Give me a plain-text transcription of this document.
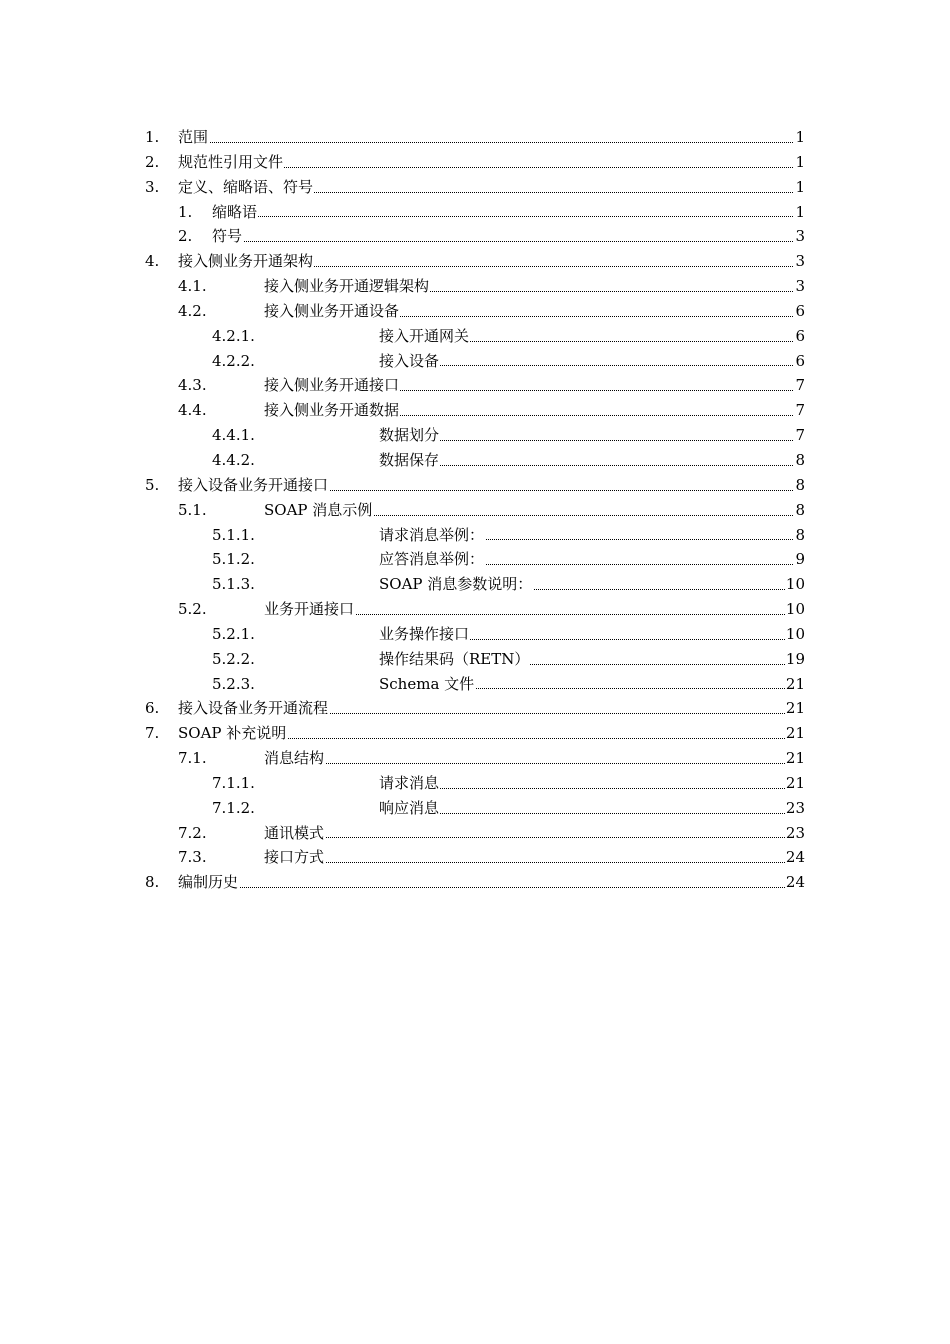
1. 范围	1
2. 规范性引用文件	1
3. 定义、缩略语、符号	1
1. 缩略语	1
2. 符号	3
4. 接入侧业务开通架构	3
4.1.	接入侧业务开通逻辑架构	3
4.2.	接入侧业务开通设备	6
4.2.1.	接入开通网关	6
4.2.2.	接入设备	6
4.3.	接入侧业务开通接口	7
4.4.	接入侧业务开通数据	7
4.4.1.	数据划分	7
4.4.2.	数据保存	8
5. 接入设备业务开通接口	8
5.1.	SOAP 消息示例	8
5.1.1.	请求消息举例：	8
5.1.2.	应答消息举例：	9
5.1.3.	SOAP 消息参数说明：	10
5.2.	业务开通接口	10
5.2.1.	业务操作接口	10
5.2.2.	操作结果码（RETN）	19
5.2.3.	Schema 文件	21
6. 接入设备业务开通流程	21
7. SOAP 补充说明	21
7.1.	消息结构	21
7.1.1.	请求消息	21
7.1.2.	响应消息	23
7.2.	通讯模式	23
7.3.	接口方式	24
8. 编制历史	24
